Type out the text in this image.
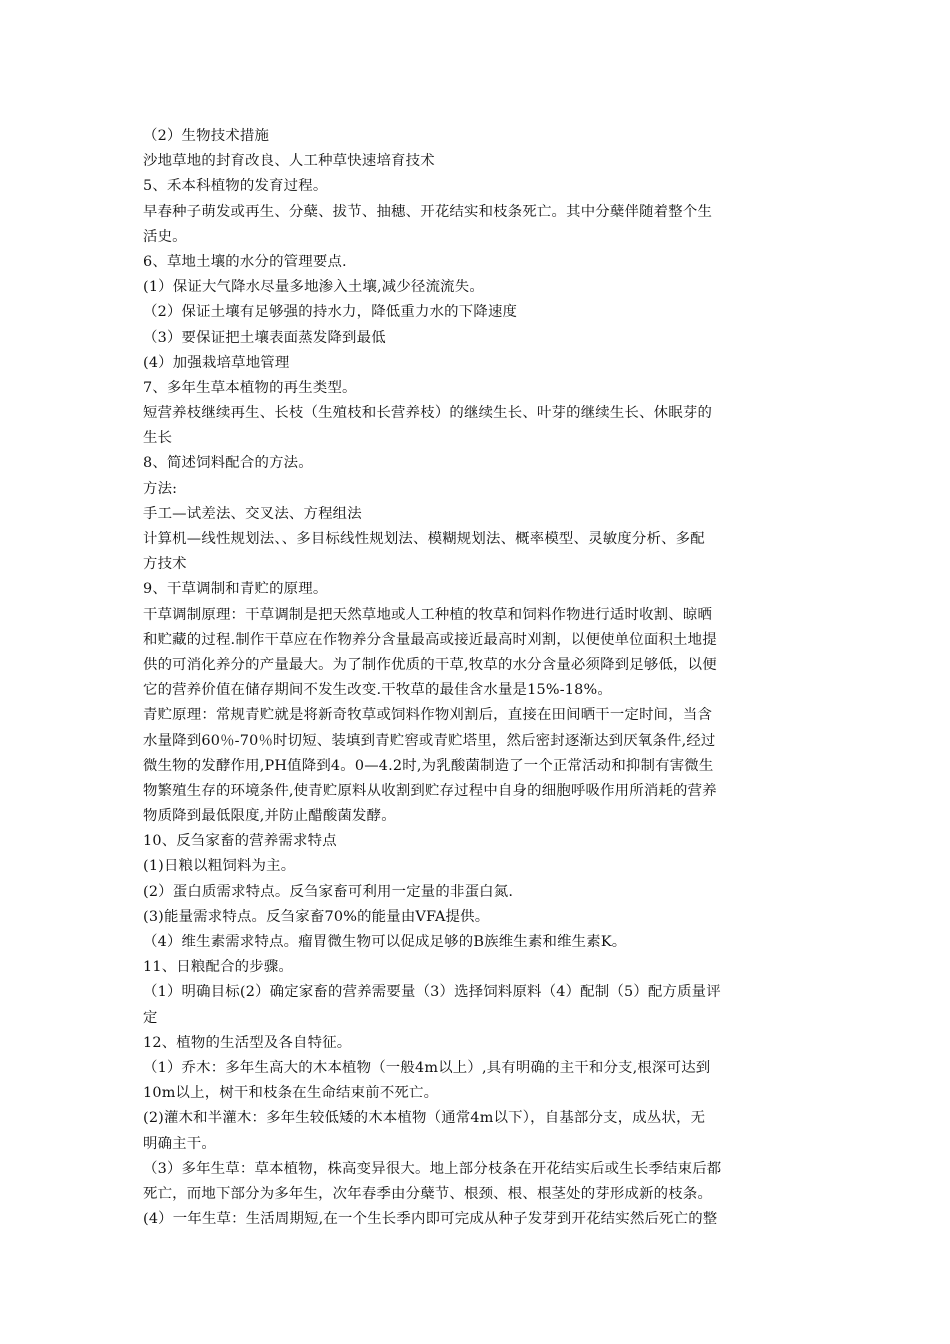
（2）生物技术措施
沙地草地的封育改良、人工种草快速培育技术
5、禾本科植物的发育过程。
早春种子萌发或再生、分蘖、拔节、抽穗、开花结实和枝条死亡。其中分蘖伴随着整个生
活史。
6、草地土壤的水分的管理要点.
(1）保证大气降水尽量多地渗入土壤,减少径流流失。
（2）保证土壤有足够强的持水力，降低重力水的下降速度
（3）要保证把土壤表面蒸发降到最低
(4）加强栽培草地管理
7、多年生草本植物的再生类型。
短营养枝继续再生、长枝（生殖枝和长营养枝）的继续生长、叶芽的继续生长、休眠芽的
生长
8、简述饲料配合的方法。
方法:
手工—试差法、交叉法、方程组法
计算机—线性规划法、、多目标线性规划法、模糊规划法、概率模型、灵敏度分析、多配
方技术
9、干草调制和青贮的原理。
干草调制原理：干草调制是把天然草地或人工种植的牧草和饲料作物进行适时收割、晾晒
和贮藏的过程.制作干草应在作物养分含量最高或接近最高时刈割，以便使单位面积土地提
供的可消化养分的产量最大。为了制作优质的干草,牧草的水分含量必须降到足够低，以便
它的营养价值在储存期间不发生改变.干牧草的最佳含水量是15%-18%。
青贮原理：常规青贮就是将新奇牧草或饲料作物刈割后，直接在田间晒干一定时间，当含
水量降到60％-70％时切短、装填到青贮窖或青贮塔里，然后密封逐渐达到厌氧条件,经过
微生物的发酵作用,PH值降到4。0—4.2时,为乳酸菌制造了一个正常活动和抑制有害微生
物繁殖生存的环境条件,使青贮原料从收割到贮存过程中自身的细胞呼吸作用所消耗的营养
物质降到最低限度,并防止醋酸菌发酵。
10、反刍家畜的营养需求特点
(1)日粮以粗饲料为主。
(2）蛋白质需求特点。反刍家畜可利用一定量的非蛋白氮.
(3)能量需求特点。反刍家畜70%的能量由VFA提供。
（4）维生素需求特点。瘤胃微生物可以促成足够的B族维生素和维生素K。
11、日粮配合的步骤。
（1）明确目标(2）确定家畜的营养需要量（3）选择饲料原料（4）配制（5）配方质量评
定
12、植物的生活型及各自特征。
（1）乔木：多年生高大的木本植物（一般4m以上）,具有明确的主干和分支,根深可达到
10m以上，树干和枝条在生命结束前不死亡。
(2)灌木和半灌木：多年生较低矮的木本植物（通常4m以下），自基部分支，成丛状，无
明确主干。
（3）多年生草：草本植物，株高变异很大。地上部分枝条在开花结实后或生长季结束后都
死亡，而地下部分为多年生，次年春季由分蘖节、根颈、根、根茎处的芽形成新的枝条。
(4）一年生草：生活周期短,在一个生长季内即可完成从种子发芽到开花结实然后死亡的整
